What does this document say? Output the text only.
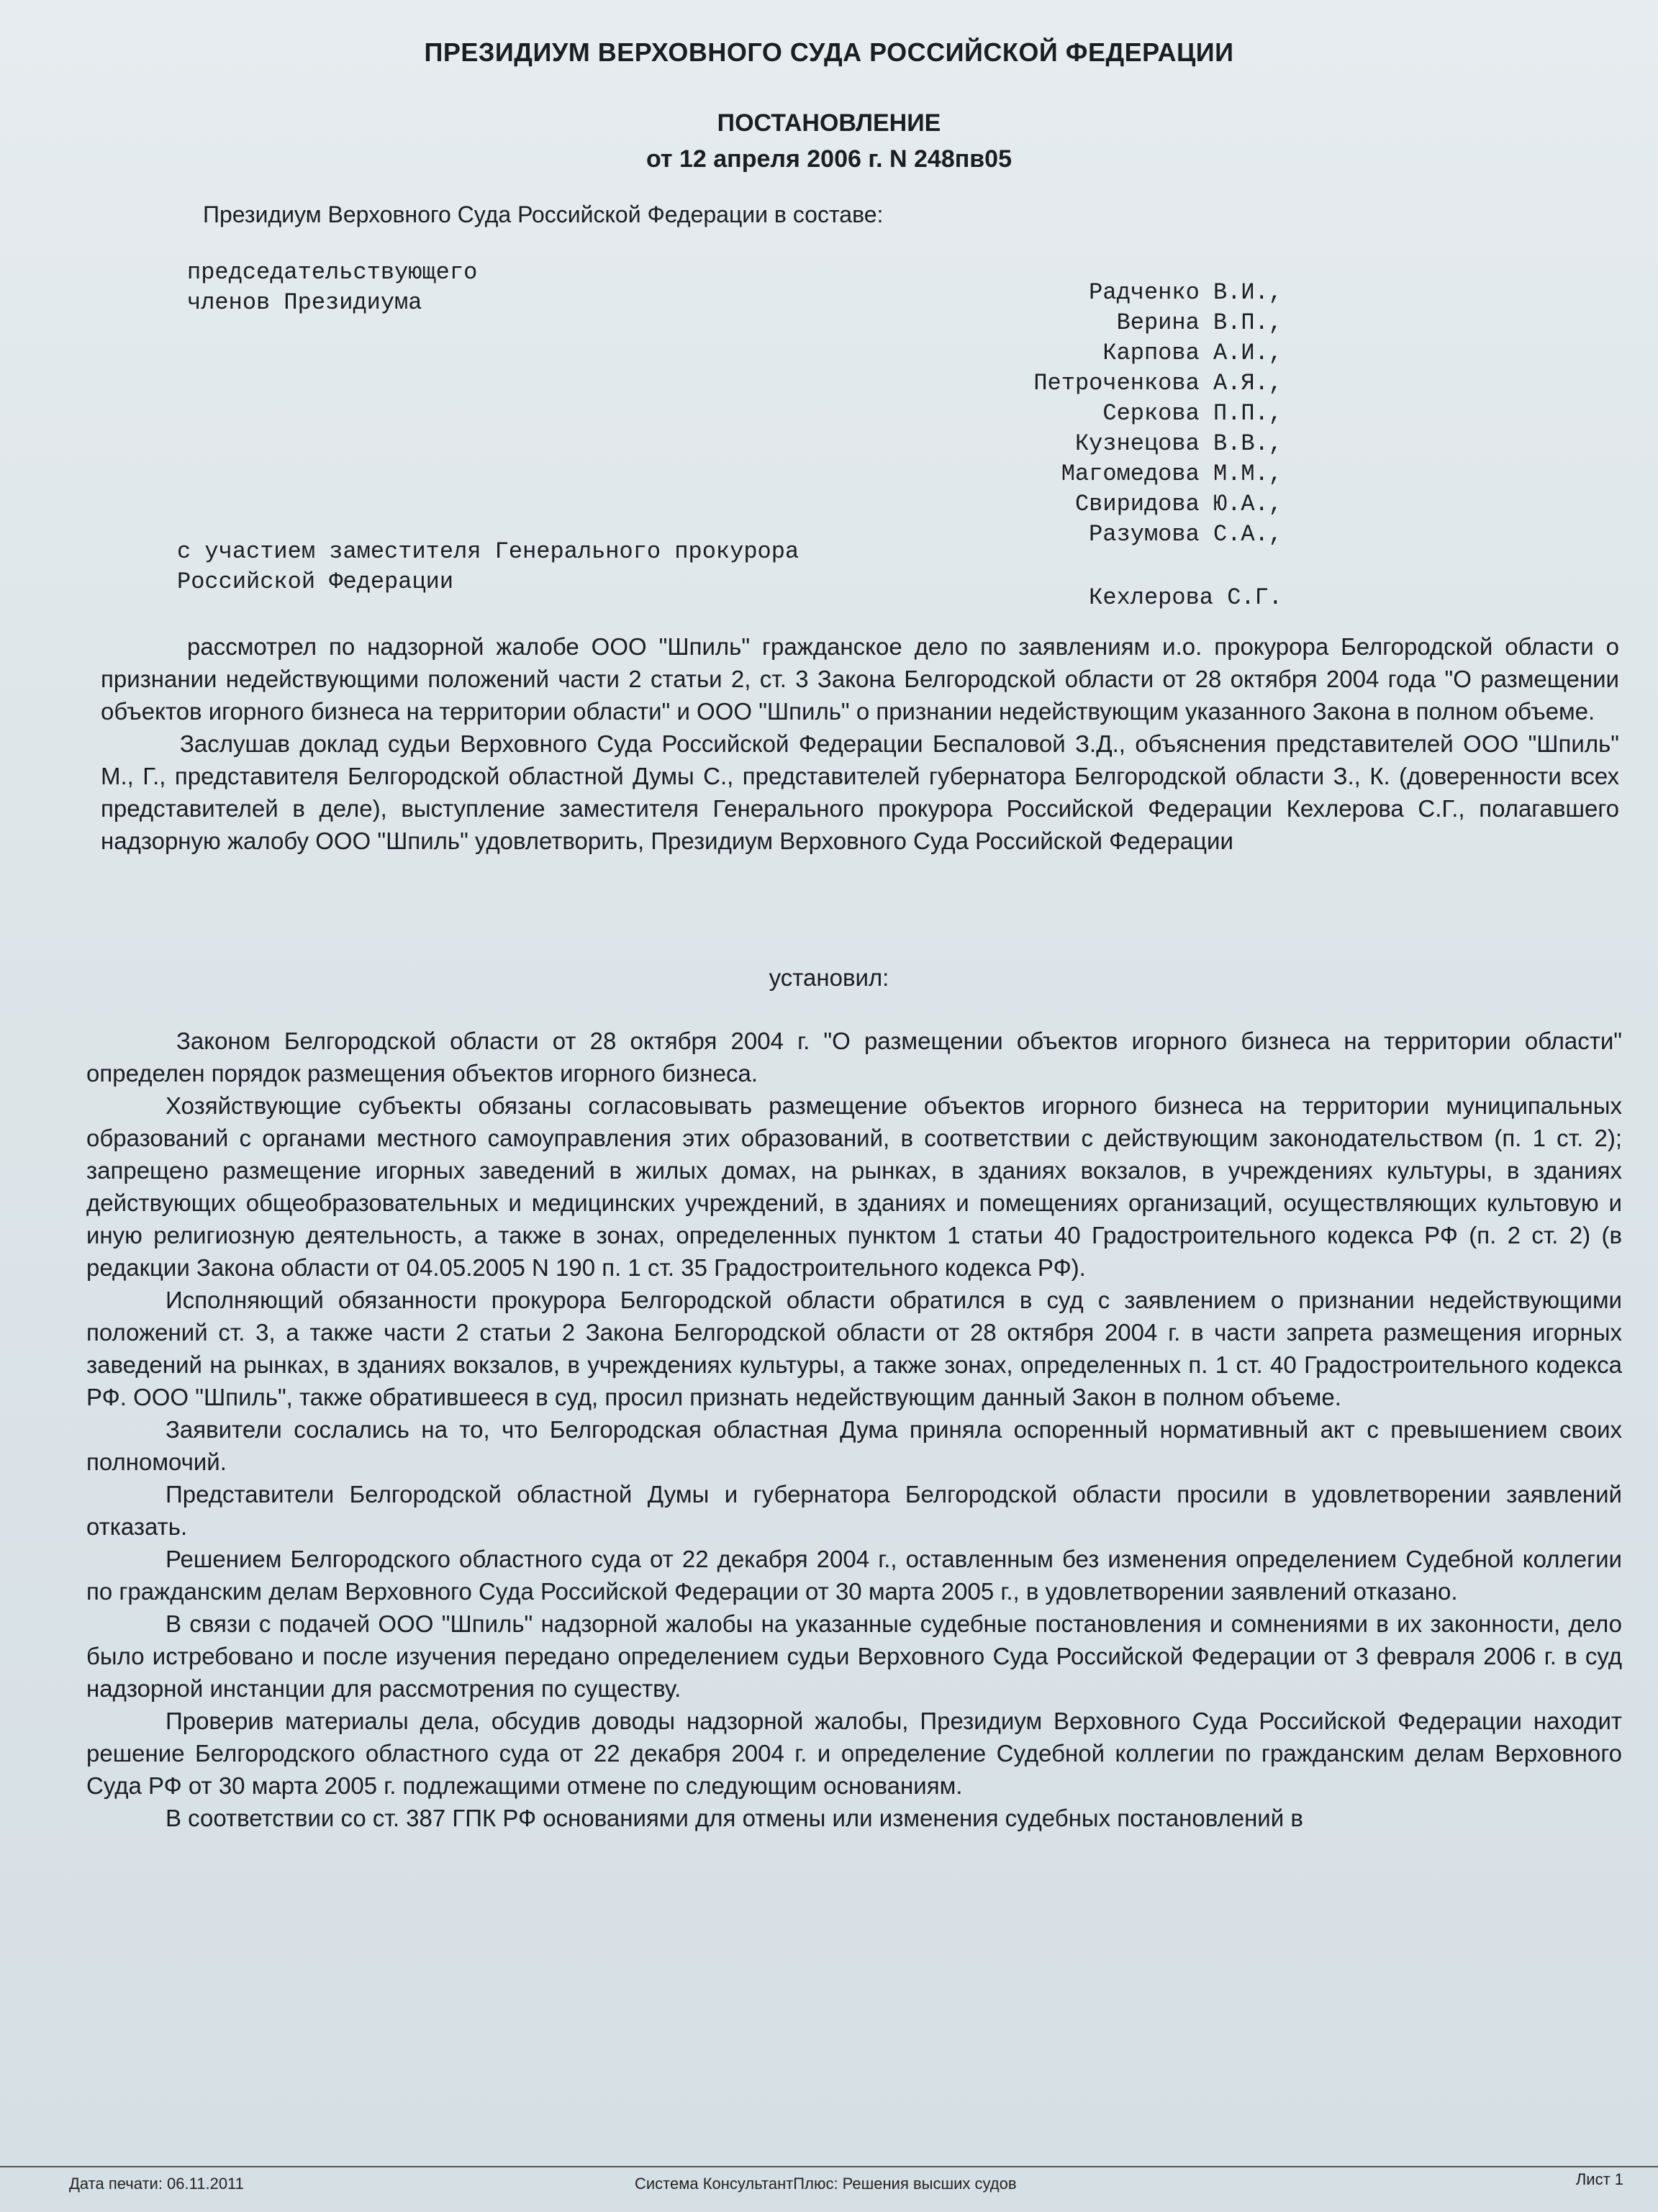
ПРЕЗИДИУМ ВЕРХОВНОГО СУДА РОССИЙСКОЙ ФЕДЕРАЦИИ
ПОСТАНОВЛЕНИЕ
от 12 апреля 2006 г. N 248пв05
Президиум Верховного Суда Российской Федерации в составе:
председательствующего
членов Президиума	Радченко В.И.,
Верина В.П.,
Карпова А.И.,
Петроченкова А.Я.,
Серкова П.П.,
Кузнецова В.В.,
Магомедова М.М.,
Свиридова Ю.А.,
Разумова С.А.,
с участием заместителя Генерального прокурора
Российской Федерации
Кехлерова С.Г.

рассмотрел по надзорной жалобе ООО "Шпиль" гражданское дело по заявлениям и.о. прокурора Белгородской области о признании недействующими положений части 2 статьи 2, ст. 3 Закона Белгородской области от 28 октября 2004 года "О размещении объектов игорного бизнеса на территории области" и ООО "Шпиль" о признании недействующим указанного Закона в полном объеме.

Заслушав доклад судьи Верховного Суда Российской Федерации Беспаловой З.Д., объяснения представителей ООО "Шпиль" М., Г., представителя Белгородской областной Думы С., представителей губернатора Белгородской области З., К. (доверенности всех представителей в деле), выступление заместителя Генерального прокурора Российской Федерации Кехлерова С.Г., полагавшего надзорную жалобу ООО "Шпиль" удовлетворить, Президиум Верховного Суда Российской Федерации

установил:

Законом Белгородской области от 28 октября 2004 г. "О размещении объектов игорного бизнеса на территории области" определен порядок размещения объектов игорного бизнеса.

Хозяйствующие субъекты обязаны согласовывать размещение объектов игорного бизнеса на территории муниципальных образований с органами местного самоуправления этих образований, в соответствии с действующим законодательством (п. 1 ст. 2); запрещено размещение игорных заведений в жилых домах, на рынках, в зданиях вокзалов, в учреждениях культуры, в зданиях действующих общеобразовательных и медицинских учреждений, в зданиях и помещениях организаций, осуществляющих культовую и иную религиозную деятельность, а также в зонах, определенных пунктом 1 статьи 40 Градостроительного кодекса РФ (п. 2 ст. 2) (в редакции Закона области от 04.05.2005 N 190 п. 1 ст. 35 Градостроительного кодекса РФ).

Исполняющий обязанности прокурора Белгородской области обратился в суд с заявлением о признании недействующими положений ст. 3, а также части 2 статьи 2 Закона Белгородской области от 28 октября 2004 г. в части запрета размещения игорных заведений на рынках, в зданиях вокзалов, в учреждениях культуры, а также зонах, определенных п. 1 ст. 40 Градостроительного кодекса РФ. ООО "Шпиль", также обратившееся в суд, просил признать недействующим данный Закон в полном объеме.

Заявители сослались на то, что Белгородская областная Дума приняла оспоренный нормативный акт с превышением своих полномочий.

Представители Белгородской областной Думы и губернатора Белгородской области просили в удовлетворении заявлений отказать.

Решением Белгородского областного суда от 22 декабря 2004 г., оставленным без изменения определением Судебной коллегии по гражданским делам Верховного Суда Российской Федерации от 30 марта 2005 г., в удовлетворении заявлений отказано.

В связи с подачей ООО "Шпиль" надзорной жалобы на указанные судебные постановления и сомнениями в их законности, дело было истребовано и после изучения передано определением судьи Верховного Суда Российской Федерации от 3 февраля 2006 г. в суд надзорной инстанции для рассмотрения по существу.

Проверив материалы дела, обсудив доводы надзорной жалобы, Президиум Верховного Суда Российской Федерации находит решение Белгородского областного суда от 22 декабря 2004 г. и определение Судебной коллегии по гражданским делам Верховного Суда РФ от 30 марта 2005 г. подлежащими отмене по следующим основаниям.

В соответствии со ст. 387 ГПК РФ основаниями для отмены или изменения судебных постановлений в

Лист 1
Дата печати: 06.11.2011	Система КонсультантПлюс: Решения высших судов
